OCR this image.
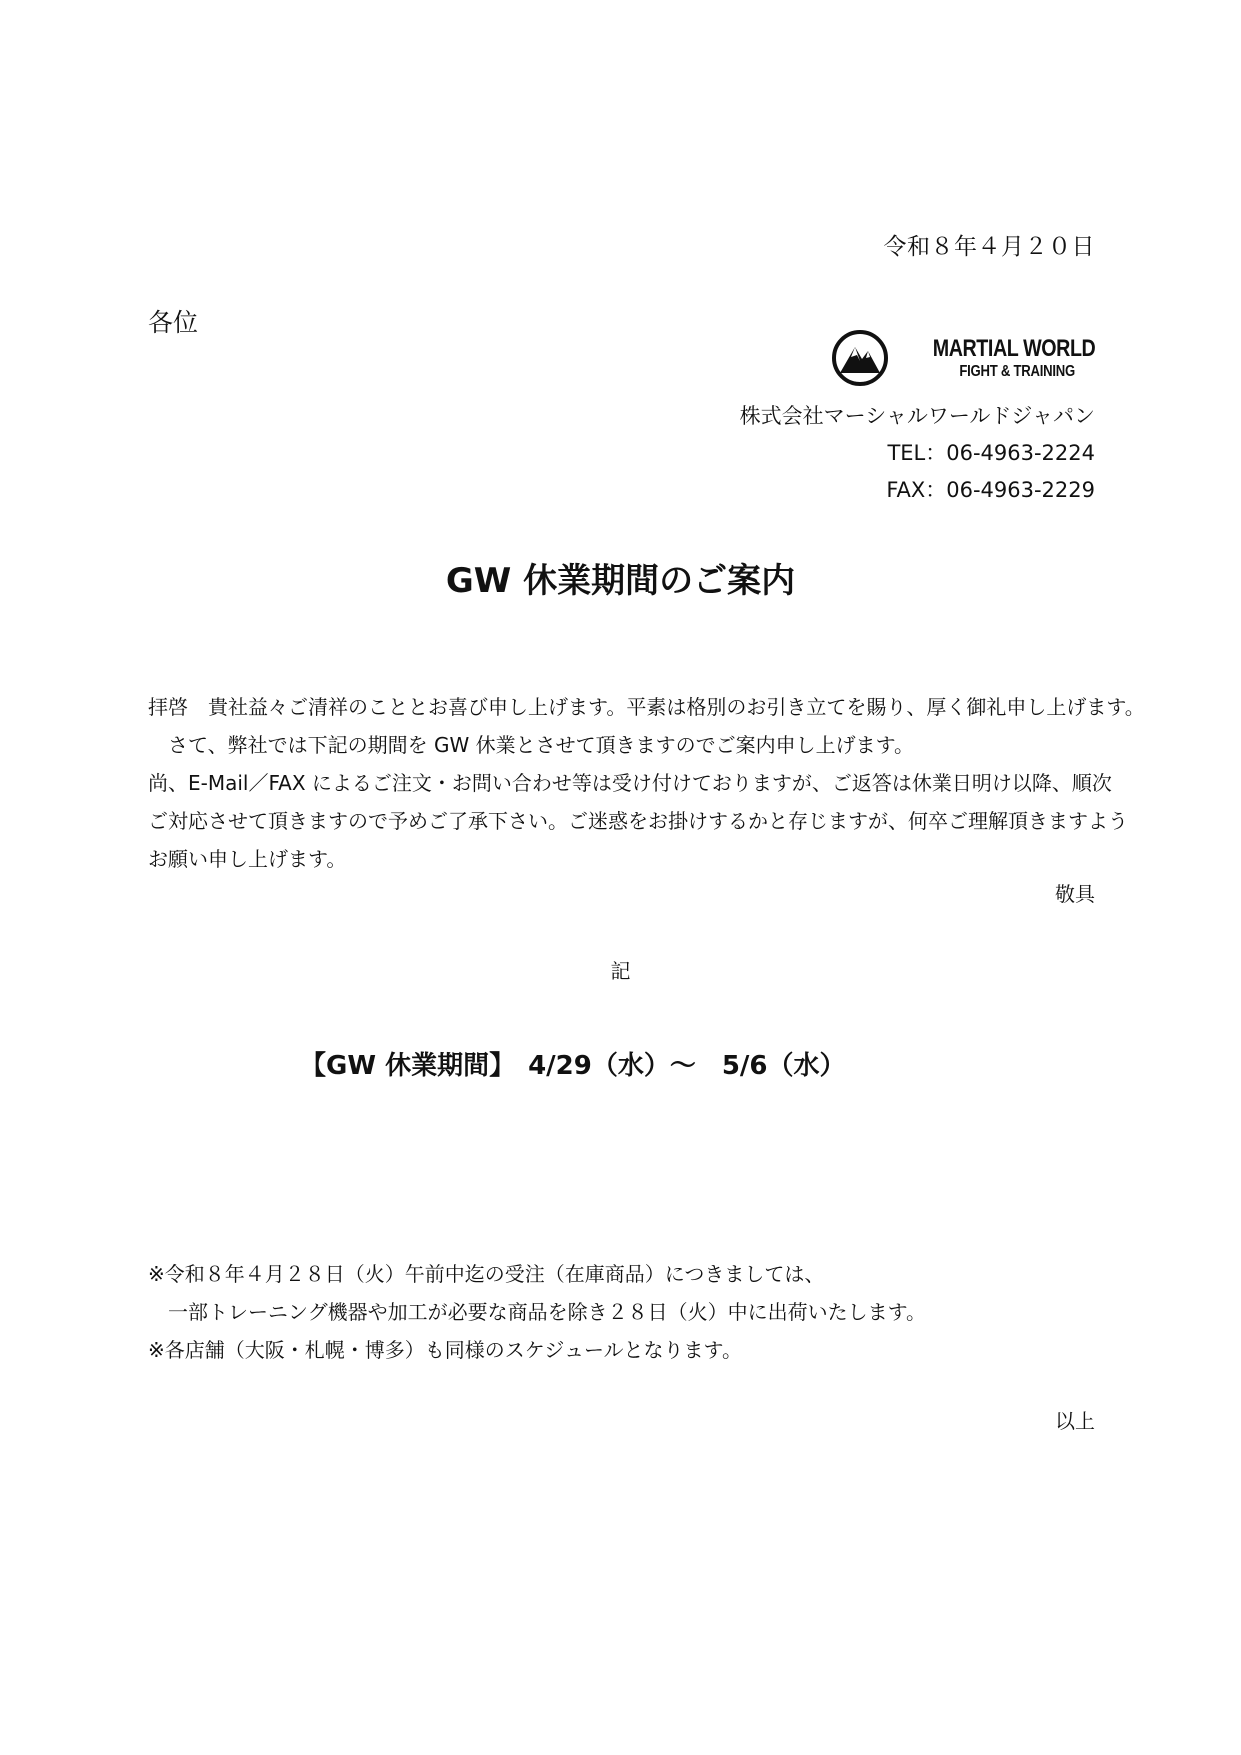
令和８年４月２０日
各位
MARTIAL WORLD
FIGHT & TRAINING
株式会社マーシャルワールドジャパン
TEL：06-4963-2224
FAX：06-4963-2229
GW 休業期間のご案内

拝啓　貴社益々ご清祥のこととお喜び申し上げます。平素は格別のお引き立てを賜り、厚く御礼申し上げます。

さて、弊社では下記の期間を GW 休業とさせて頂きますのでご案内申し上げます。

尚、E-Mail／FAX によるご注文・お問い合わせ等は受け付けておりますが、ご返答は休業日明け以降、順次

ご対応させて頂きますので予めご了承下さい。ご迷惑をお掛けするかと存じますが、何卒ご理解頂きますよう

お願い申し上げます。

敬具
記
【GW 休業期間】　4/29（水）～　5/6（水）

※令和８年４月２８日（火）午前中迄の受注（在庫商品）につきましては、

一部トレーニング機器や加工が必要な商品を除き２８日（火）中に出荷いたします。

※各店舗（大阪・札幌・博多）も同様のスケジュールとなります。

以上
